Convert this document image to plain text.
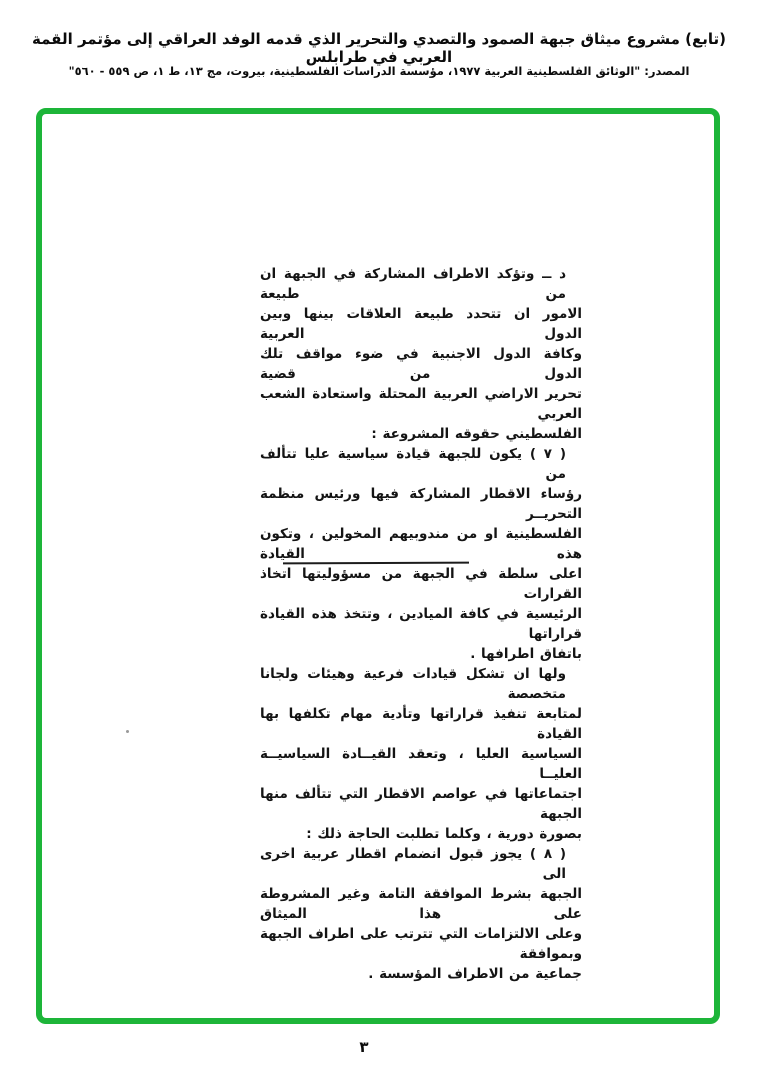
(تابع) مشروع ميثاق جبهة الصمود والتصدي والتحرير الذي قدمه الوفد العراقي إلى مؤتمر القمة العربي في طرابلس
المصدر: "الوثائق الفلسطينية العربية ١٩٧٧، مؤسسة الدراسات الفلسطينية، بيروت، مج ١٣، ط ١، ص ٥٥٩ - ٥٦٠"
د ــ وتؤكد الاطراف المشاركة في الجبهة ان من طبيعة
الامور ان تتحدد طبيعة العلاقات بينها وبين الدول العربية
وكافة الدول الاجنبية في ضوء مواقف تلك الدول من قضية
تحرير الاراضي العربية المحتلة واستعادة الشعب العربي
الفلسطيني حقوقه المشروعة :
( ٧ ) يكون للجبهة قيادة سياسية عليا تتألف من
رؤساء الاقطار المشاركة فيها ورئيس منظمة التحريــر
الفلسطينية او من مندوبيهم المخولين ، وتكون هذه القيادة
اعلى سلطة في الجبهة من مسؤوليتها اتخاذ القرارات
الرئيسية في كافة الميادين ، وتتخذ هذه القيادة قراراتها
باتفاق اطرافها .
ولها ان تشكل قيادات فرعية وهيئات ولجانا متخصصة
لمتابعة تنفيذ قراراتها وتأدية مهام تكلفها بها القيادة
السياسية العليا ، وتعقد القيــادة السياسيــة العليــا
اجتماعاتها في عواصم الاقطار التي تتألف منها الجبهة
بصورة دورية ، وكلما تطلبت الحاجة ذلك :
( ٨ ) يجوز قبول انضمام اقطار عربية اخرى الى
الجبهة بشرط الموافقة التامة وغير المشروطة على هذا الميثاق
وعلى الالتزامات التي تترتب على اطراف الجبهة وبموافقة
جماعية من الاطراف المؤسسة .
٣
